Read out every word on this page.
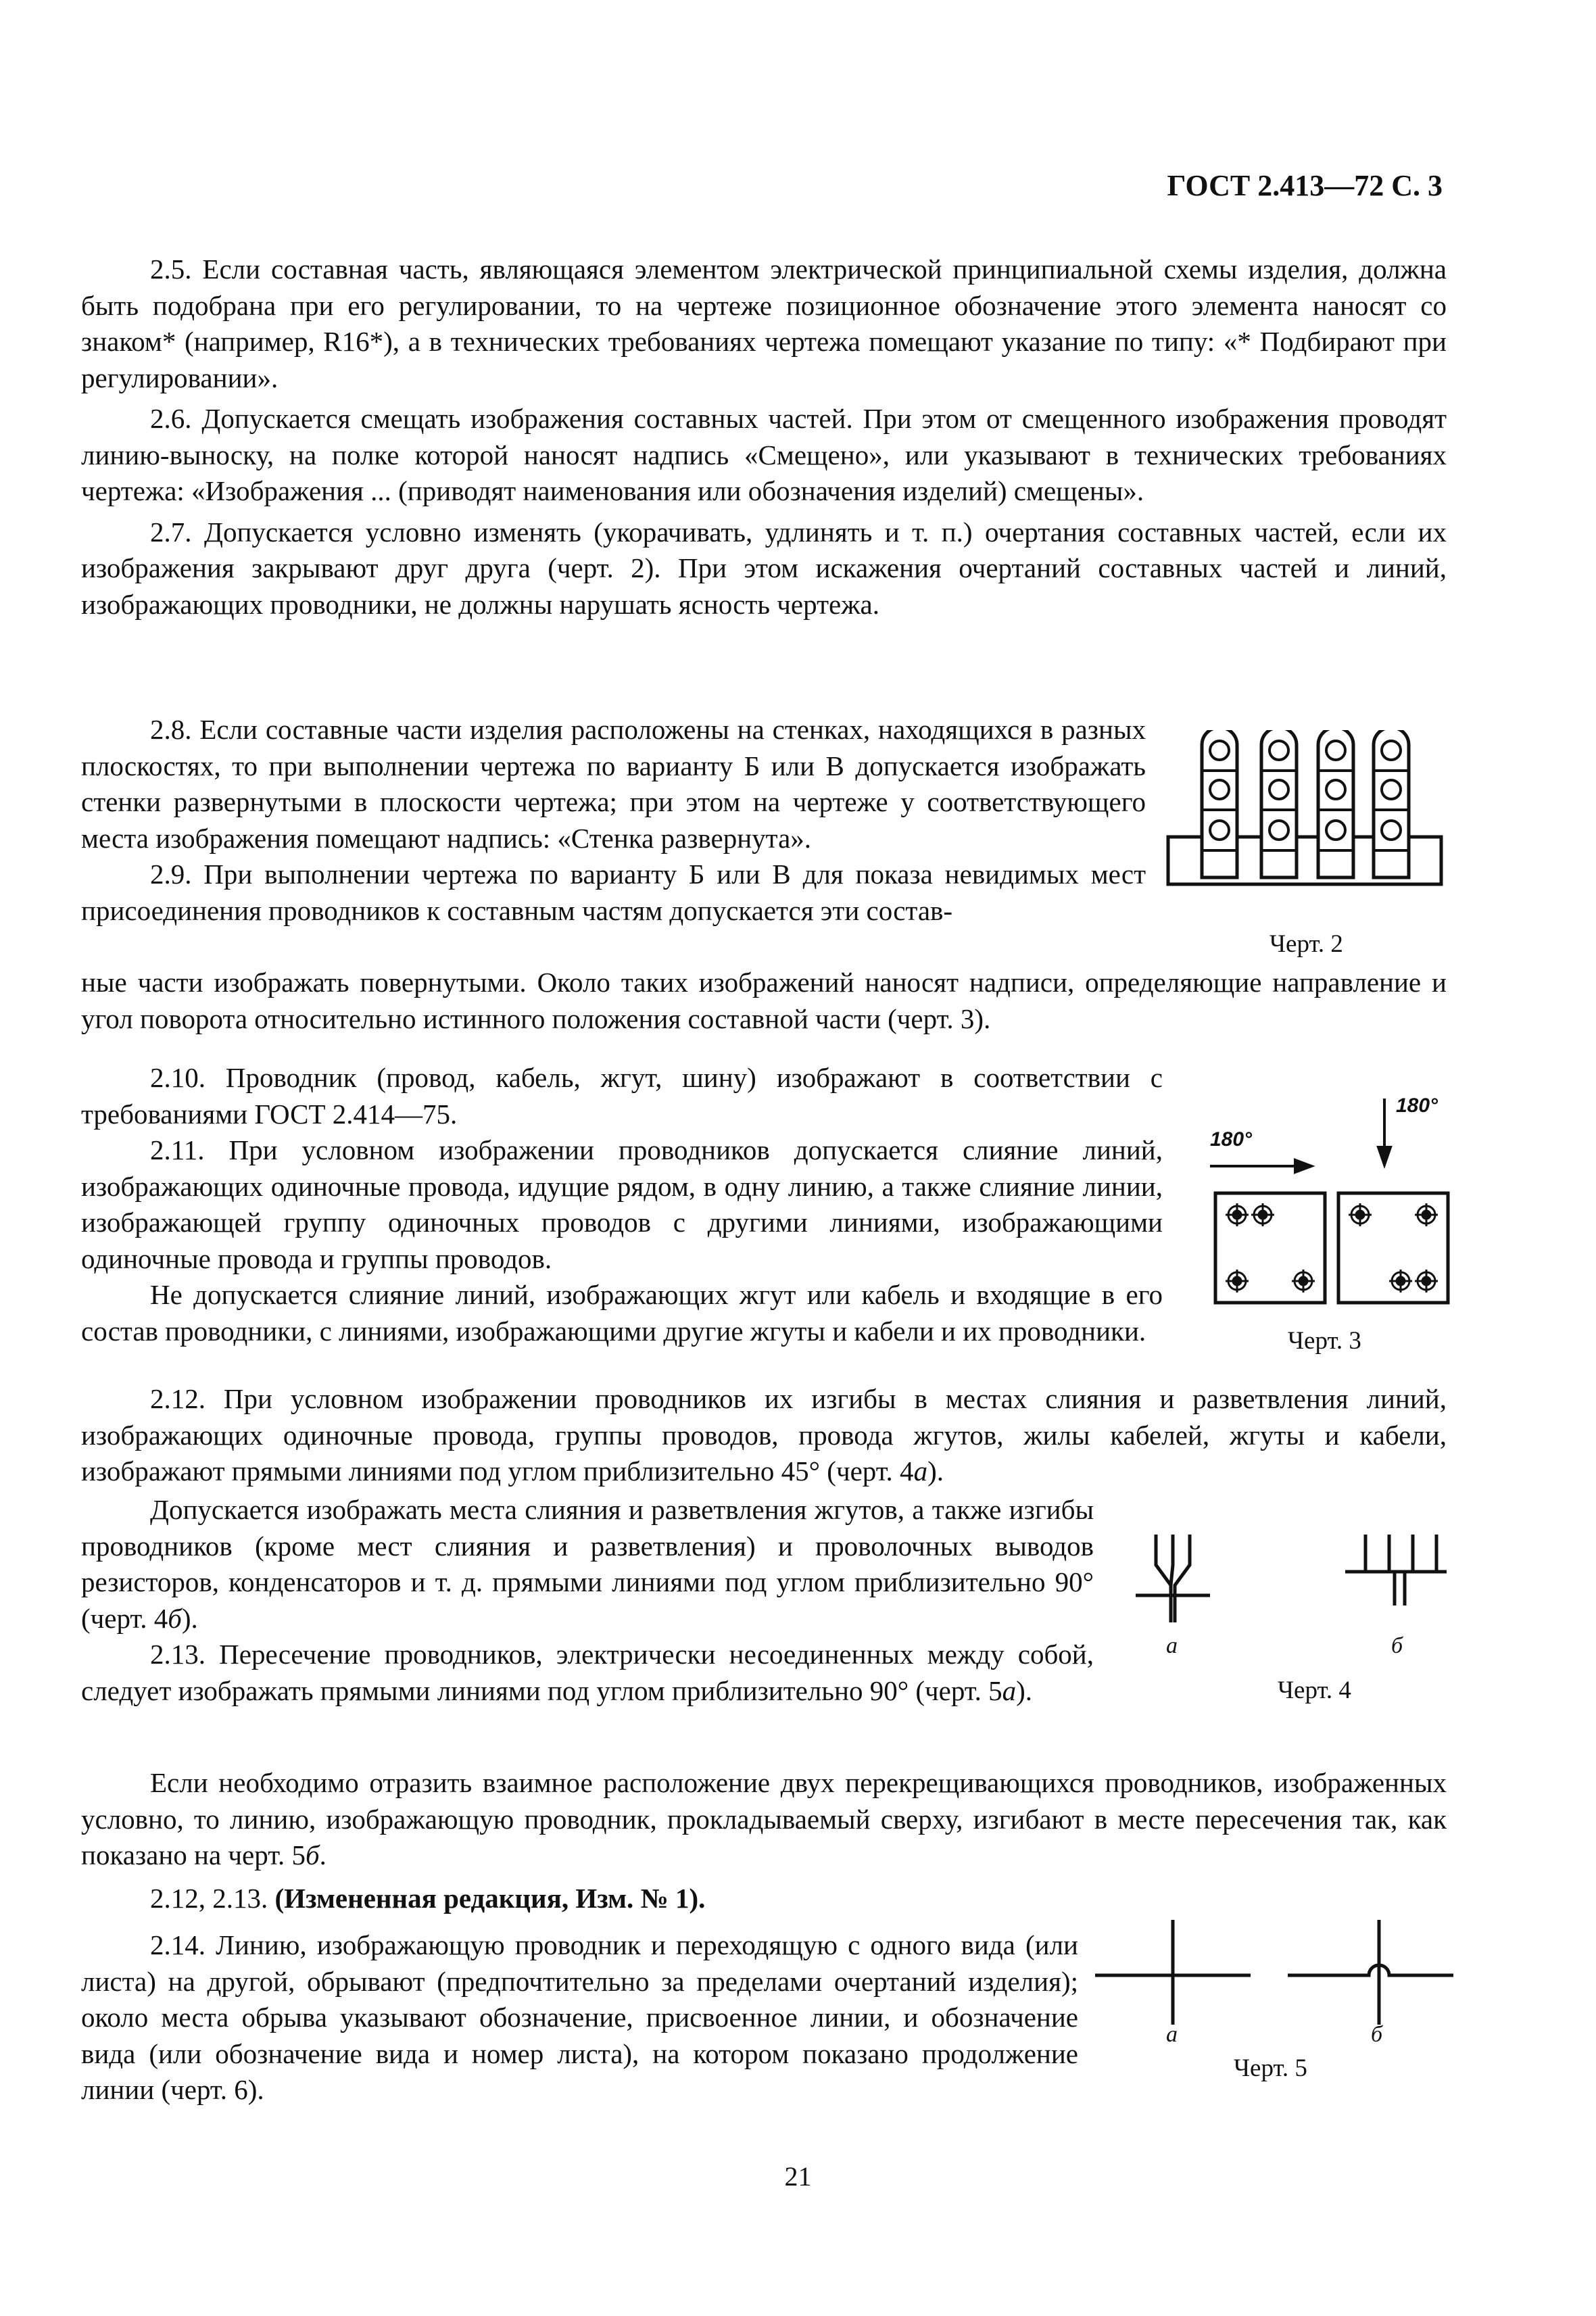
ГОСТ 2.413—72 С. 3

2.5. Если составная часть, являющаяся элементом электрической принципиальной схемы изделия, должна быть подобрана при его регулировании, то на чертеже позиционное обозначение этого элемента наносят со знаком* (например, R16*), а в технических требованиях чертежа помещают указание по типу: «* Подбирают при регулировании».

2.6. Допускается смещать изображения составных частей. При этом от смещенного изображения проводят линию-выноску, на полке которой наносят надпись «Смещено», или указывают в технических требованиях чертежа: «Изображения ... (приводят наименования или обозначения изделий) смещены».

2.7. Допускается условно изменять (укорачивать, удлинять и т. п.) очертания составных частей, если их изображения закрывают друг друга (черт. 2). При этом искажения очертаний составных частей и линий, изображающих проводники, не должны нарушать ясность чертежа.

2.8. Если составные части изделия расположены на стенках, находящихся в разных плоскостях, то при выполнении чертежа по варианту Б или В допускается изображать стенки развернутыми в плоскости чертежа; при этом на чертеже у соответствующего места изображения помещают надпись: «Стенка развернута».

2.9. При выполнении чертежа по варианту Б или В для показа невидимых мест присоединения проводников к составным частям допускается эти состав-

ные части изображать повернутыми. Около таких изображений наносят надписи, определяющие направление и угол поворота относительно истинного положения составной части (черт. 3).

Черт. 2

2.10. Проводник (провод, кабель, жгут, шину) изображают в соответствии с требованиями ГОСТ 2.414—75.

2.11. При условном изображении проводников допускается слияние линий, изображающих одиночные провода, идущие рядом, в одну линию, а также слияние линии, изображающей группу одиночных проводов с другими линиями, изображающими одиночные провода и группы проводов.

Не допускается слияние линий, изображающих жгут или кабель и входящие в его состав проводники, с линиями, изображающими другие жгуты и кабели и их проводники.

180°
180°
Черт. 3

2.12. При условном изображении проводников их изгибы в местах слияния и разветвления линий, изображающих одиночные провода, группы проводов, провода жгутов, жилы кабелей, жгуты и кабели, изображают прямыми линиями под углом приблизительно 45° (черт. 4а).

Допускается изображать места слияния и разветвления жгутов, а также изгибы проводников (кроме мест слияния и разветвления) и проволочных выводов резисторов, конденсаторов и т. д. прямыми линиями под углом приблизительно 90° (черт. 4б).

2.13. Пересечение проводников, электрически несоединенных между собой, следует изображать прямыми линиями под углом приблизительно 90° (черт. 5а).

а	б
Черт. 4

Если необходимо отразить взаимное расположение двух перекрещивающихся проводников, изображенных условно, то линию, изображающую проводник, прокладываемый сверху, изгибают в месте пересечения так, как показано на черт. 5б.

2.12, 2.13. (Измененная редакция, Изм. № 1).

2.14. Линию, изображающую проводник и переходящую с одного вида (или листа) на другой, обрывают (предпочтительно за пределами очертаний изделия); около места обрыва указывают обозначение, присвоенное линии, и обозначение вида (или обозначение вида и номер листа), на котором показано продолжение линии (черт. 6).

а	б
Черт. 5
21
